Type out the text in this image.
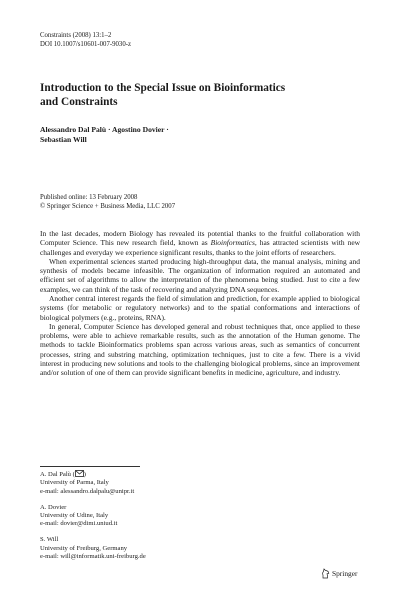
Constraints (2008) 13:1–2
DOI 10.1007/s10601-007-9030-z
Introduction to the Special Issue on Bioinformatics
and Constraints
Alessandro Dal Palù · Agostino Dovier ·
Sebastian Will
Published online: 13 February 2008
© Springer Science + Business Media, LLC 2007

In the last decades, modern Biology has revealed its potential thanks to the fruitful collaboration with Computer Science. This new research field, known as Bioinformatics, has attracted scientists with new challenges and everyday we experience significant results, thanks to the joint efforts of researchers.

When experimental sciences started producing high-throughput data, the manual analysis, mining and synthesis of models became infeasible. The organization of information required an automated and efficient set of algorithms to allow the interpretation of the phenomena being studied. Just to cite a few examples, we can think of the task of recovering and analyzing DNA sequences.

Another central interest regards the field of simulation and prediction, for example applied to biological systems (for metabolic or regulatory networks) and to the spatial conformations and interactions of biological polymers (e.g., proteins, RNA).

In general, Computer Science has developed general and robust techniques that, once applied to these problems, were able to achieve remarkable results, such as the annotation of the Human genome. The methods to tackle Bioinformatics problems span across various areas, such as semantics of concurrent processes, string and substring matching, optimization techniques, just to cite a few. There is a vivid interest in producing new solutions and tools to the challenging biological problems, since an improvement and/or solution of one of them can provide significant benefits in medicine, agriculture, and industry.

A. Dal Palù ( )
University of Parma, Italy
e-mail: alessandro.dalpalu@unipr.it
A. Dovier
University of Udine, Italy
e-mail: dovier@dimi.uniud.it
S. Will
University of Freiburg, Germany
e-mail: will@informatik.uni-freiburg.de
Springer
